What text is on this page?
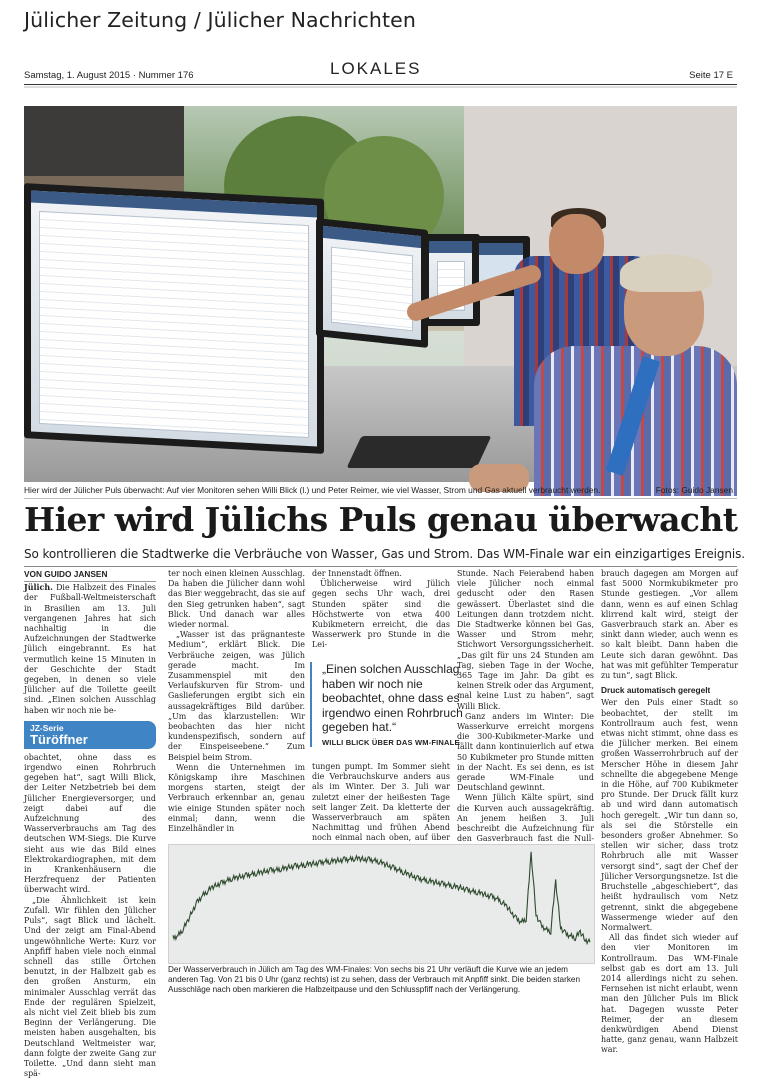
Jülicher Zeitung / Jülicher Nachrichten
Samstag, 1. August 2015 · Nummer 176	LOKALES	Seite 17 E
Hier wird der Jülicher Puls überwacht: Auf vier Monitoren sehen Willi Blick (l.) und Peter Reimer, wie viel Wasser, Strom und Gas aktuell verbraucht werden.	Fotos: Guido Jansen
Hier wird Jülichs Puls genau überwacht
So kontrollieren die Stadtwerke die Verbräuche von Wasser, Gas und Strom. Das WM-Finale war ein einzigartiges Ereignis.
VON GUIDO JANSEN

Jülich. Die Halbzeit des Finales der Fußball-Weltmeisterschaft in Brasilien am 13. Juli vergangenen Jahres hat sich nachhaltig in die Aufzeichnungen der Stadtwerke Jülich eingebrannt. Es hat vermutlich keine 15 Minuten in der Geschichte der Stadt gegeben, in denen so viele Jülicher auf die Toilette geeilt sind. „Einen solchen Ausschlag haben wir noch nie be-

JZ-Serie
Türöffner

obachtet, ohne dass es irgendwo einen Rohrbruch gegeben hat“, sagt Willi Blick, der Leiter Netzbetrieb bei dem Jülicher Energieversorger, und zeigt dabei auf die Aufzeichnung des Wasserverbrauchs am Tag des deutschen WM-Siegs. Die Kurve sieht aus wie das Bild eines Elektrokardiographen, mit dem in Krankenhäusern die Herzfrequenz der Patienten überwacht wird.

„Die Ähnlichkeit ist kein Zufall. Wir fühlen den Jülicher Puls“, sagt Blick und lächelt. Und der zeigt am Final-Abend ungewöhnliche Werte: Kurz vor Anpfiff haben viele noch einmal schnell das stille Örtchen benutzt, in der Halbzeit gab es den großen Ansturm, ein minimaler Ausschlag verrät das Ende der regulären Spielzeit, als nicht viel Zeit blieb bis zum Beginn der Verlängerung. Die meisten haben ausgehalten, bis Deutschland Weltmeister war, dann folgte der zweite Gang zur Toilette. „Und dann sieht man spä-

ter noch einen kleinen Ausschlag. Da haben die Jülicher dann wohl das Bier weggebracht, das sie auf den Sieg getrunken haben“, sagt Blick. Und danach war alles wieder normal.

„Wasser ist das prägnanteste Medium“, erklärt Blick. Die Verbräuche zeigen, was Jülich gerade macht. Im Zusammenspiel mit den Verlaufskurven für Strom- und Gaslieferungen ergibt sich ein aussagekräftiges Bild darüber. „Um das klarzustellen: Wir beobachten das hier nicht kundenspezifisch, sondern auf der Einspeiseebene.“ Zum Beispiel beim Strom.

Wenn die Unternehmen im Königskamp ihre Maschinen morgens starten, steigt der Verbrauch erkennbar an, genau wie einige Stunden später noch einmal; dann, wenn die Einzelhändler in

der Innenstadt öffnen.

Üblicherweise wird Jülich gegen sechs Uhr wach, drei Stunden später sind die Höchstwerte von etwa 400 Kubikmetern erreicht, die das Wasserwerk pro Stunde in die Lei-

„Einen solchen Ausschlag haben wir noch nie beobachtet, ohne dass es irgendwo einen Rohrbruch gegeben hat.“
WILLI BLICK ÜBER DAS WM-FINALE

tungen pumpt. Im Sommer sieht die Verbrauchskurve anders aus als im Winter. Der 3. Juli war zuletzt einer der heißesten Tage seit langer Zeit. Da kletterte der Wasserverbrauch am späten Nachmittag und frühen Abend noch einmal nach oben, auf über

Stunde. Nach Feierabend haben viele Jülicher noch einmal geduscht oder den Rasen gewässert. Überlastet sind die Leitungen dann trotzdem nicht. Die Stadtwerke können bei Gas, Wasser und Strom mehr, Stichwort Versorgungssicherheit. „Das gilt für uns 24 Stunden am Tag, sieben Tage in der Woche, 365 Tage im Jahr. Da gibt es keinen Streik oder das Argument, mal keine Lust zu haben“, sagt Willi Blick.

Ganz anders im Winter: Die Wasserkurve erreicht morgens die 300-Kubikmeter-Marke und fällt dann kontinuierlich auf etwa 50 Kubikmeter pro Stunde mitten in der Nacht. Es sei denn, es ist gerade WM-Finale und Deutschland gewinnt.

Wenn Jülich Kälte spürt, sind die Kurven auch aussagekräftig. An jenem heißen 3. Juli beschreibt die Aufzeichnung für den Gasverbrauch fast die Null-

brauch dagegen am Morgen auf fast 5000 Normkubikmeter pro Stunde gestiegen. „Vor allem dann, wenn es auf einen Schlag klirrend kalt wird, steigt der Gasverbrauch stark an. Aber es sinkt dann wieder, auch wenn es so kalt bleibt. Dann haben die Leute sich daran gewöhnt. Das hat was mit gefühlter Temperatur zu tun“, sagt Blick.

Druck automatisch geregelt

Wer den Puls einer Stadt so beobachtet, der stellt im Kontrollraum auch fest, wenn etwas nicht stimmt, ohne dass es die Jülicher merken. Bei einem großen Wasserrohrbruch auf der Merscher Höhe in diesem Jahr schnellte die abgegebene Menge in die Höhe, auf 700 Kubikmeter pro Stunde. Der Druck fällt kurz ab und wird dann automatisch hoch geregelt. „Wir tun dann so, als sei die Störstelle ein besonders großer Abnehmer. So stellen wir sicher, dass trotz Rohrbruch alle mit Wasser versorgt sind“, sagt der Chef der Jülicher Versorgungsnetze. Ist die Bruchstelle „abgeschiebert“, das heißt hydraulisch vom Netz getrennt, sinkt die abgegebene Wassermenge wieder auf den Normalwert.

All das findet sich wieder auf den vier Monitoren im Kontrollraum. Das WM-Finale selbst gab es dort am 13. Juli 2014 allerdings nicht zu sehen. Fernsehen ist nicht erlaubt, wenn man den Jülicher Puls im Blick hat. Dagegen wusste Peter Reimer, der an diesem denkwürdigen Abend Dienst hatte, ganz genau, wann Halbzeit war.

Der Wasserverbrauch in Jülich am Tag des WM-Finales: Von sechs bis 21 Uhr verläuft die Kurve wie an jedem anderen Tag. Von 21 bis 0 Uhr (ganz rechts) ist zu sehen, dass der Verbrauch mit Anpfiff sinkt. Die beiden starken Ausschläge nach oben markieren die Halbzeitpause und den Schlusspfiff nach der Verlängerung.
